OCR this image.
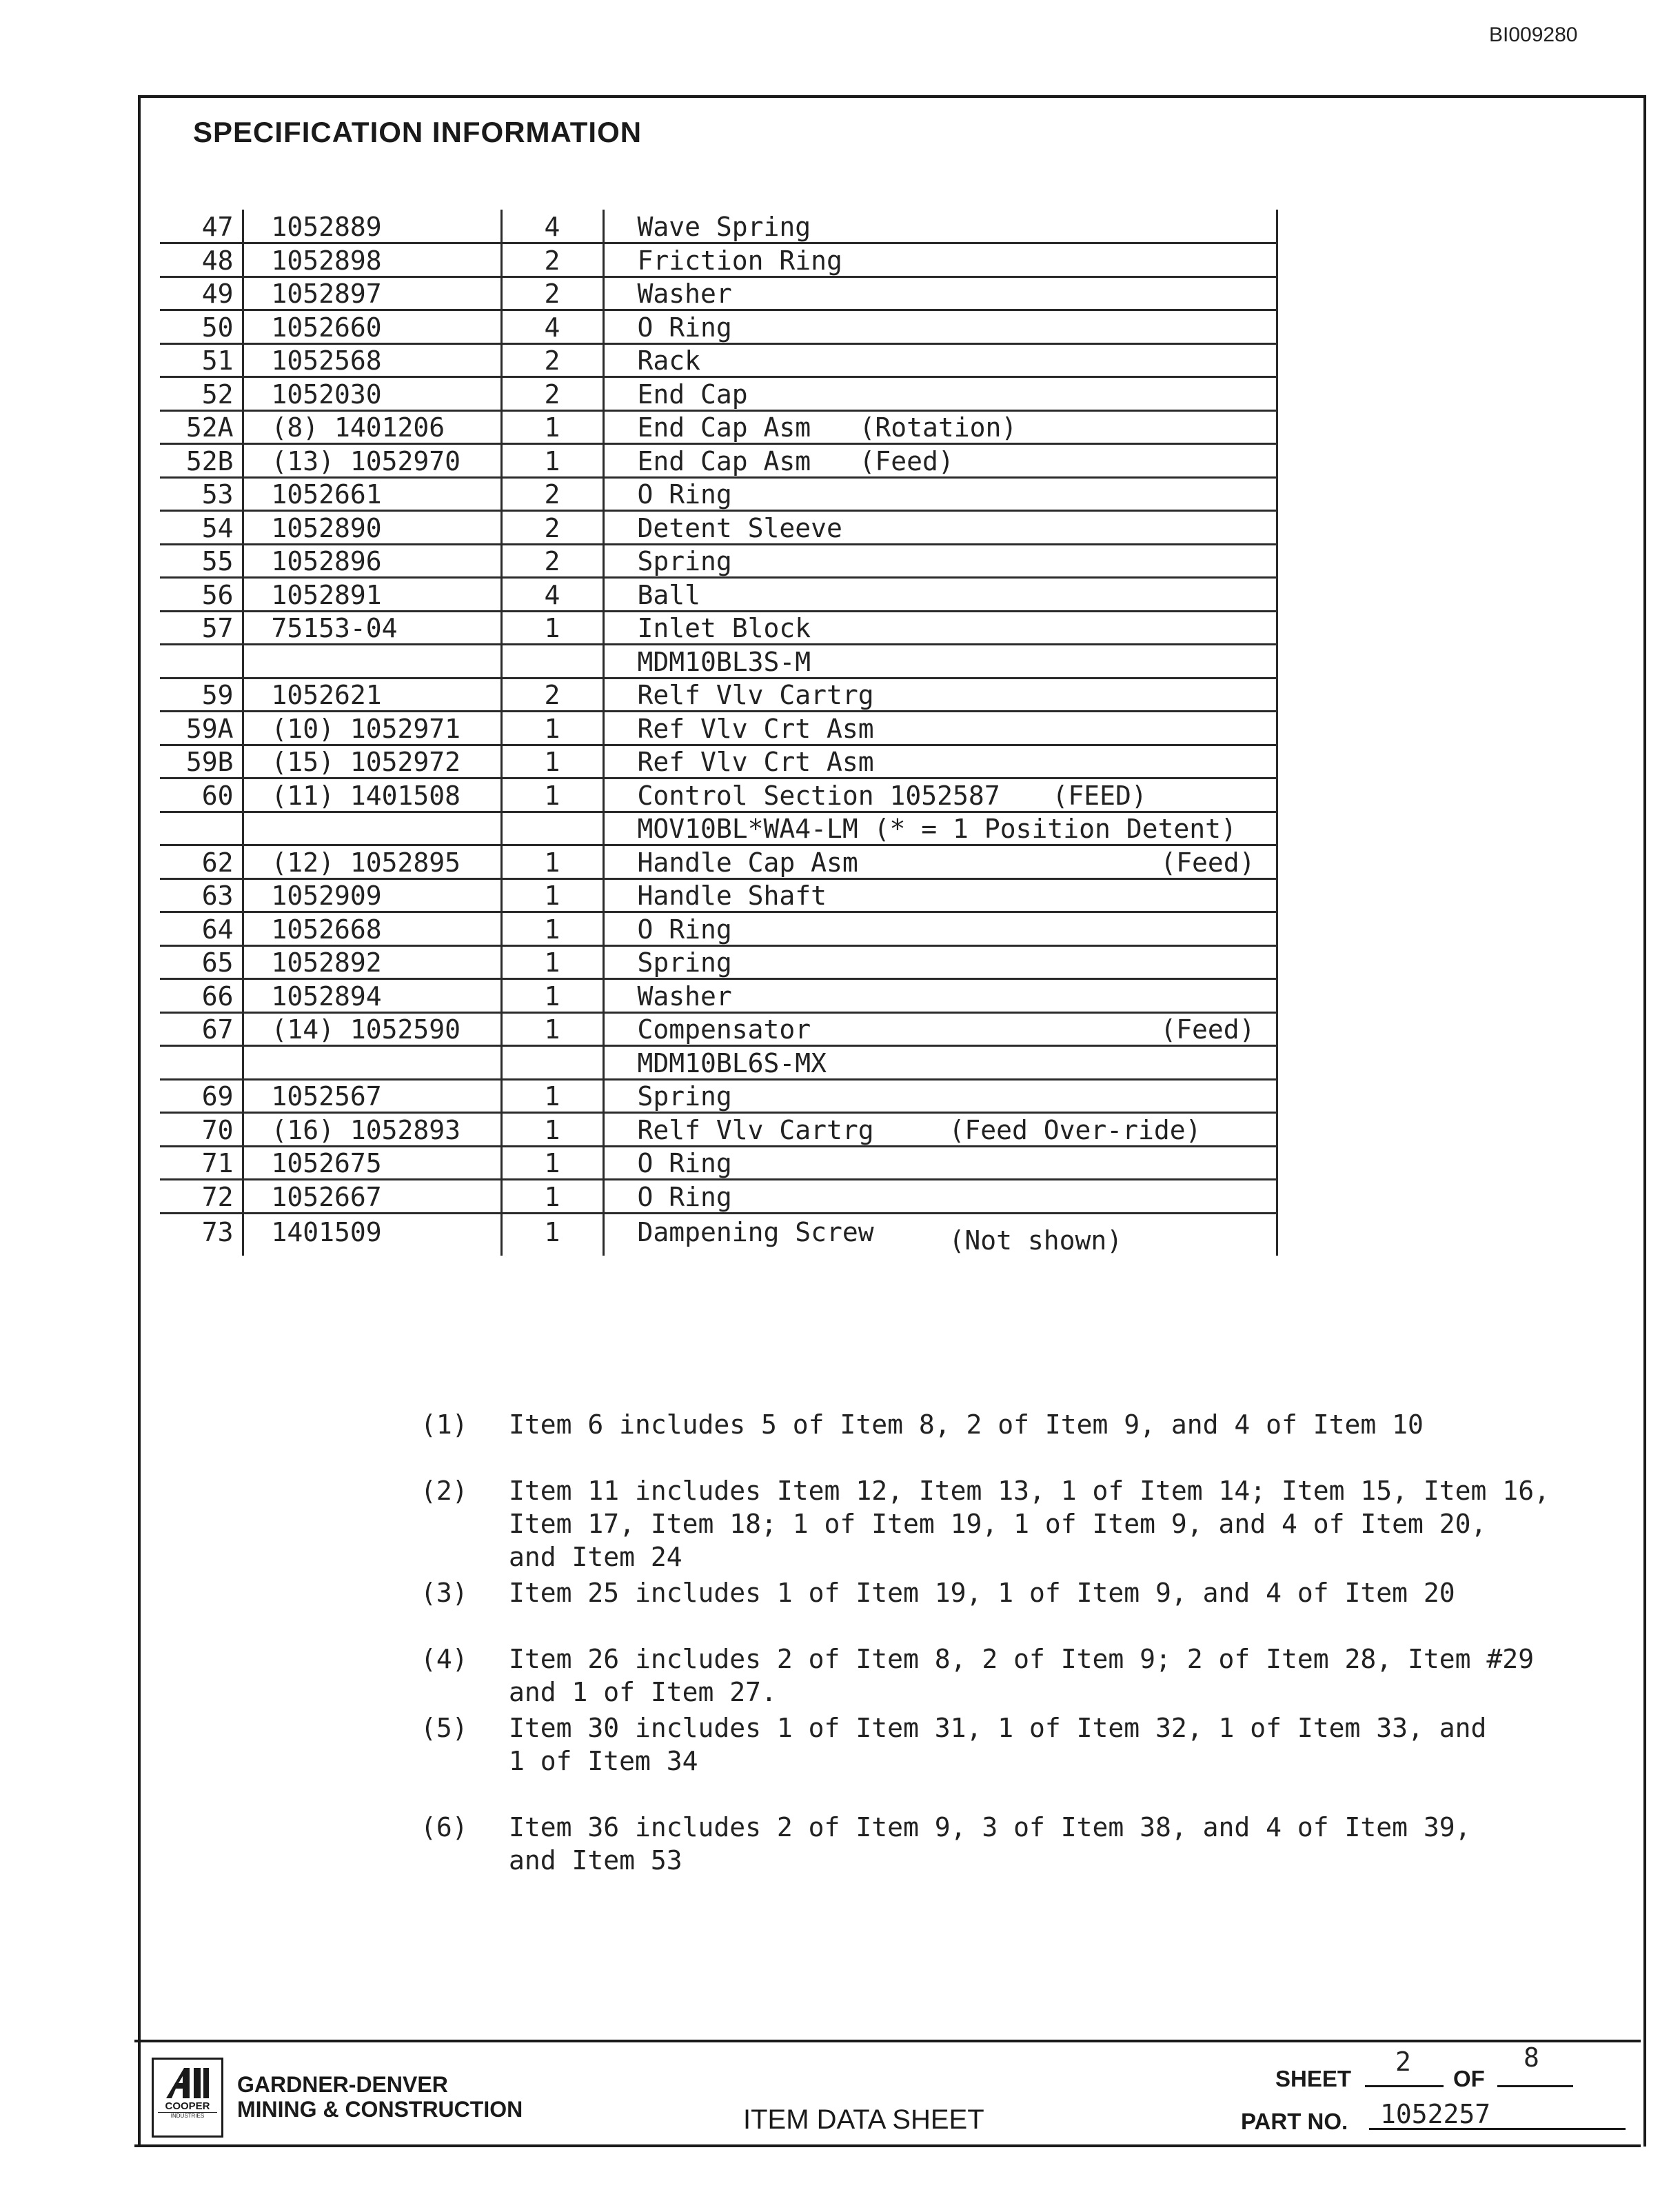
BI009280
SPECIFICATION INFORMATION
47	1052889	4	Wave Spring
48	1052898	2	Friction Ring
49	1052897	2	Washer
50	1052660	4	O Ring
51	1052568	2	Rack
52	1052030	2	End Cap
52A	(8) 1401206	1	End Cap Asm (Rotation)

52B	(13) 1052970	1	End Cap Asm (Feed)

53	1052661	2	O Ring
54	1052890	2	Detent Sleeve
55	1052896	2	Spring
56	1052891	4	Ball
57	75153-04	1	Inlet Block
			MDM10BL3S-M
59	1052621	2	Relf Vlv Cartrg
59A	(10) 1052971	1	Ref Vlv Crt Asm
59B	(15) 1052972	1	Ref Vlv Crt Asm
60	(11) 1401508	1	Control Section 1052587 (FEED)

			MOV10BL*WA4-LM (* = 1 Position Detent)
62	(12) 1052895	1	Handle Cap Asm (Feed)

63	1052909	1	Handle Shaft
64	1052668	1	O Ring
65	1052892	1	Spring
66	1052894	1	Washer
67	(14) 1052590	1	Compensator (Feed)

			MDM10BL6S-MX
69	1052567	1	Spring
70	(16) 1052893	1	Relf Vlv Cartrg (Feed Over-ride)

71	1052675	1	O Ring
72	1052667	1	O Ring
73	1401509	1	Dampening Screw (Not shown)
(1) Item 6 includes 5 of Item 8, 2 of Item 9, and 4 of Item 10
(2) Item 11 includes Item 12, Item 13, 1 of Item 14; Item 15, Item 16,
Item 17, Item 18; 1 of Item 19, 1 of Item 9, and 4 of Item 20,
and Item 24
(3) Item 25 includes 1 of Item 19, 1 of Item 9, and 4 of Item 20
(4) Item 26 includes 2 of Item 8, 2 of Item 9; 2 of Item 28, Item #29
and 1 of Item 27.
(5) Item 30 includes 1 of Item 31, 1 of Item 32, 1 of Item 33, and
1 of Item 34
(6) Item 36 includes 2 of Item 9, 3 of Item 38, and 4 of Item 39,
and Item 53
COOPER
INDUSTRIES
GARDNER-DENVER
MINING & CONSTRUCTION	ITEM DATA SHEET
SHEET
2
OF
8
PART NO. 1052257
